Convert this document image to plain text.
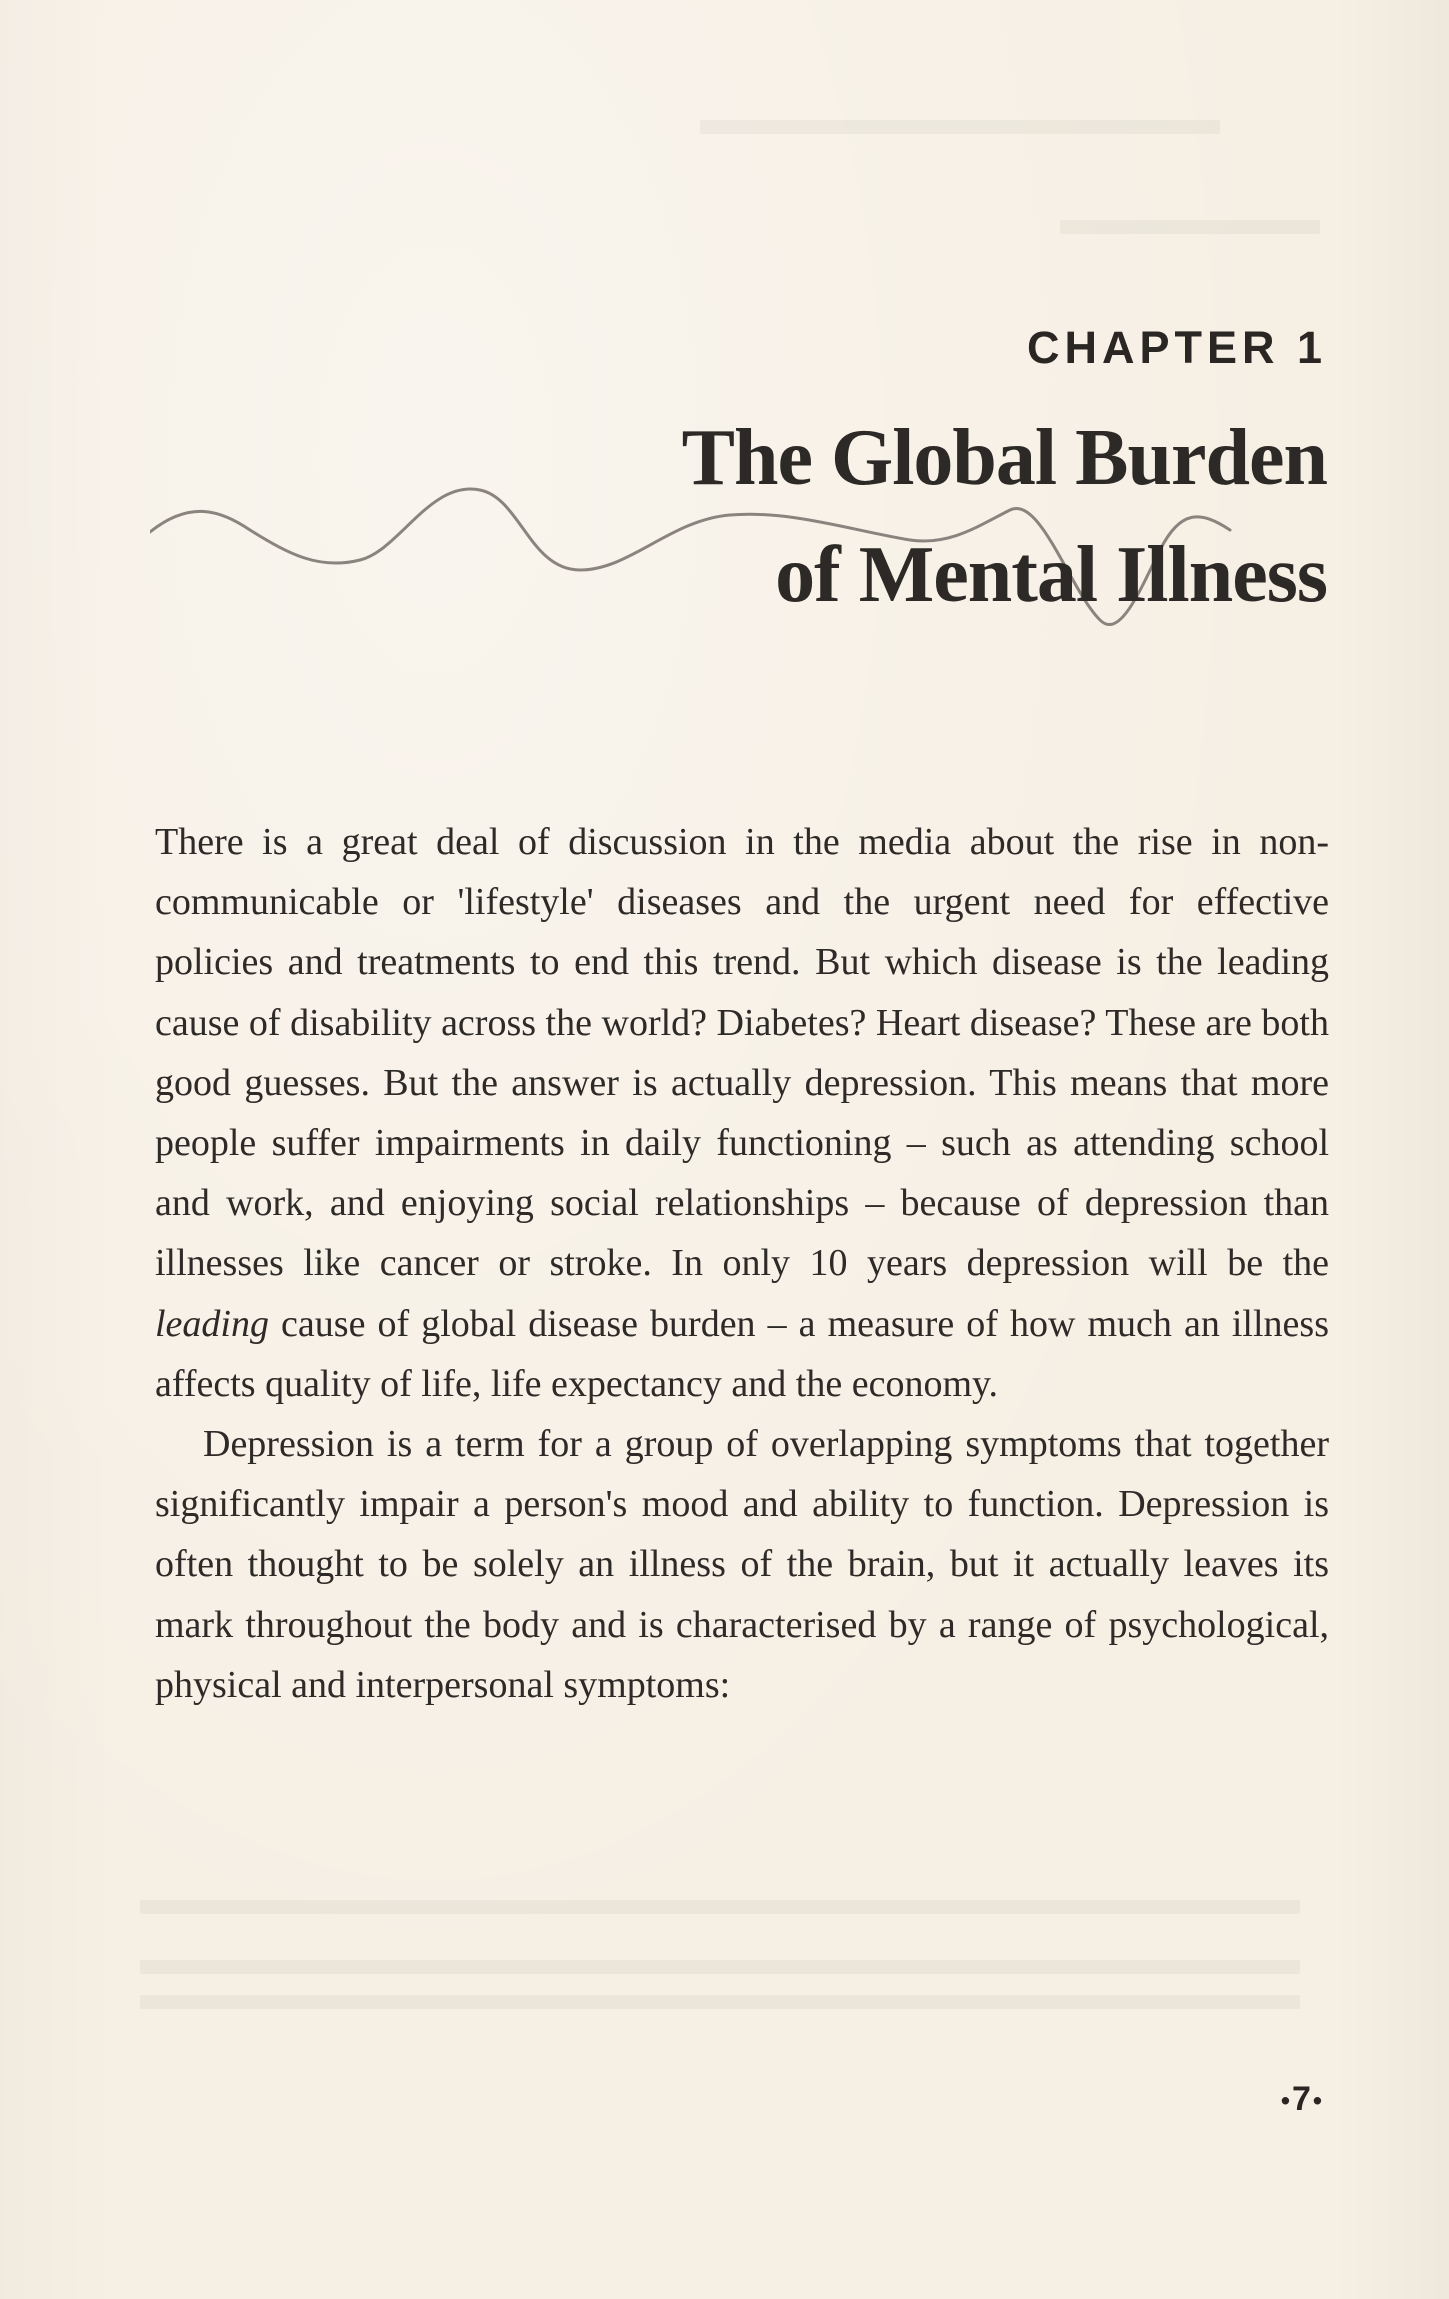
CHAPTER 1
The Global Burden
of Mental Illness

There is a great deal of discussion in the media about the rise in non-communicable or 'lifestyle' diseases and the urgent need for effective policies and treatments to end this trend. But which disease is the leading cause of disability across the world? Diabetes? Heart disease? These are both good guesses. But the answer is actually depression. This means that more people suffer impairments in daily functioning – such as attending school and work, and enjoying social relationships – because of depression than illnesses like cancer or stroke. In only 10 years depression will be the leading cause of global disease burden – a measure of how much an illness affects quality of life, life expectancy and the economy.

Depression is a term for a group of overlapping symptoms that together significantly impair a person's mood and ability to function. Depression is often thought to be solely an illness of the brain, but it actually leaves its mark throughout the body and is characterised by a range of psychological, physical and interpersonal symptoms:

•7•
